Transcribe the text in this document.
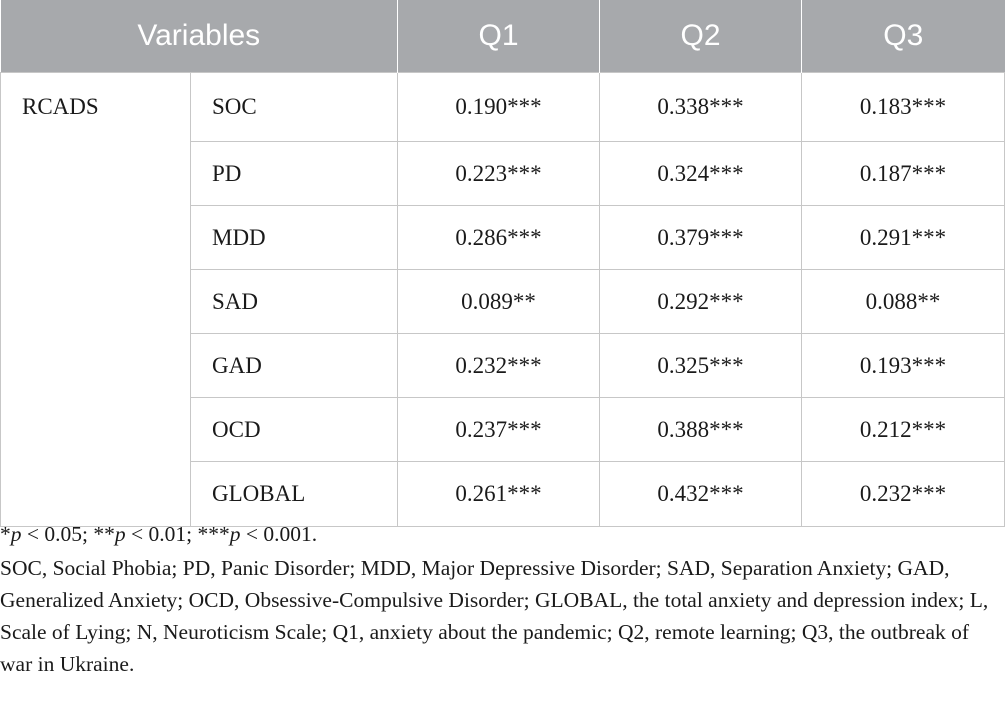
Variables		Q1	Q2	Q3
RCADS	SOC	0.190***	0.338***	0.183***
	PD	0.223***	0.324***	0.187***
	MDD	0.286***	0.379***	0.291***
	SAD	0.089**	0.292***	0.088**
	GAD	0.232***	0.325***	0.193***
	OCD	0.237***	0.388***	0.212***
	GLOBAL	0.261***	0.432***	0.232***

*p < 0.05; **p < 0.01; ***p < 0.001.

SOC, Social Phobia; PD, Panic Disorder; MDD, Major Depressive Disorder; SAD, Separation Anxiety; GAD, Generalized Anxiety; OCD, Obsessive-Compulsive Disorder; GLOBAL, the total anxiety and depression index; L, Scale of Lying; N, Neuroticism Scale; Q1, anxiety about the pandemic; Q2, remote learning; Q3, the outbreak of war in Ukraine.
